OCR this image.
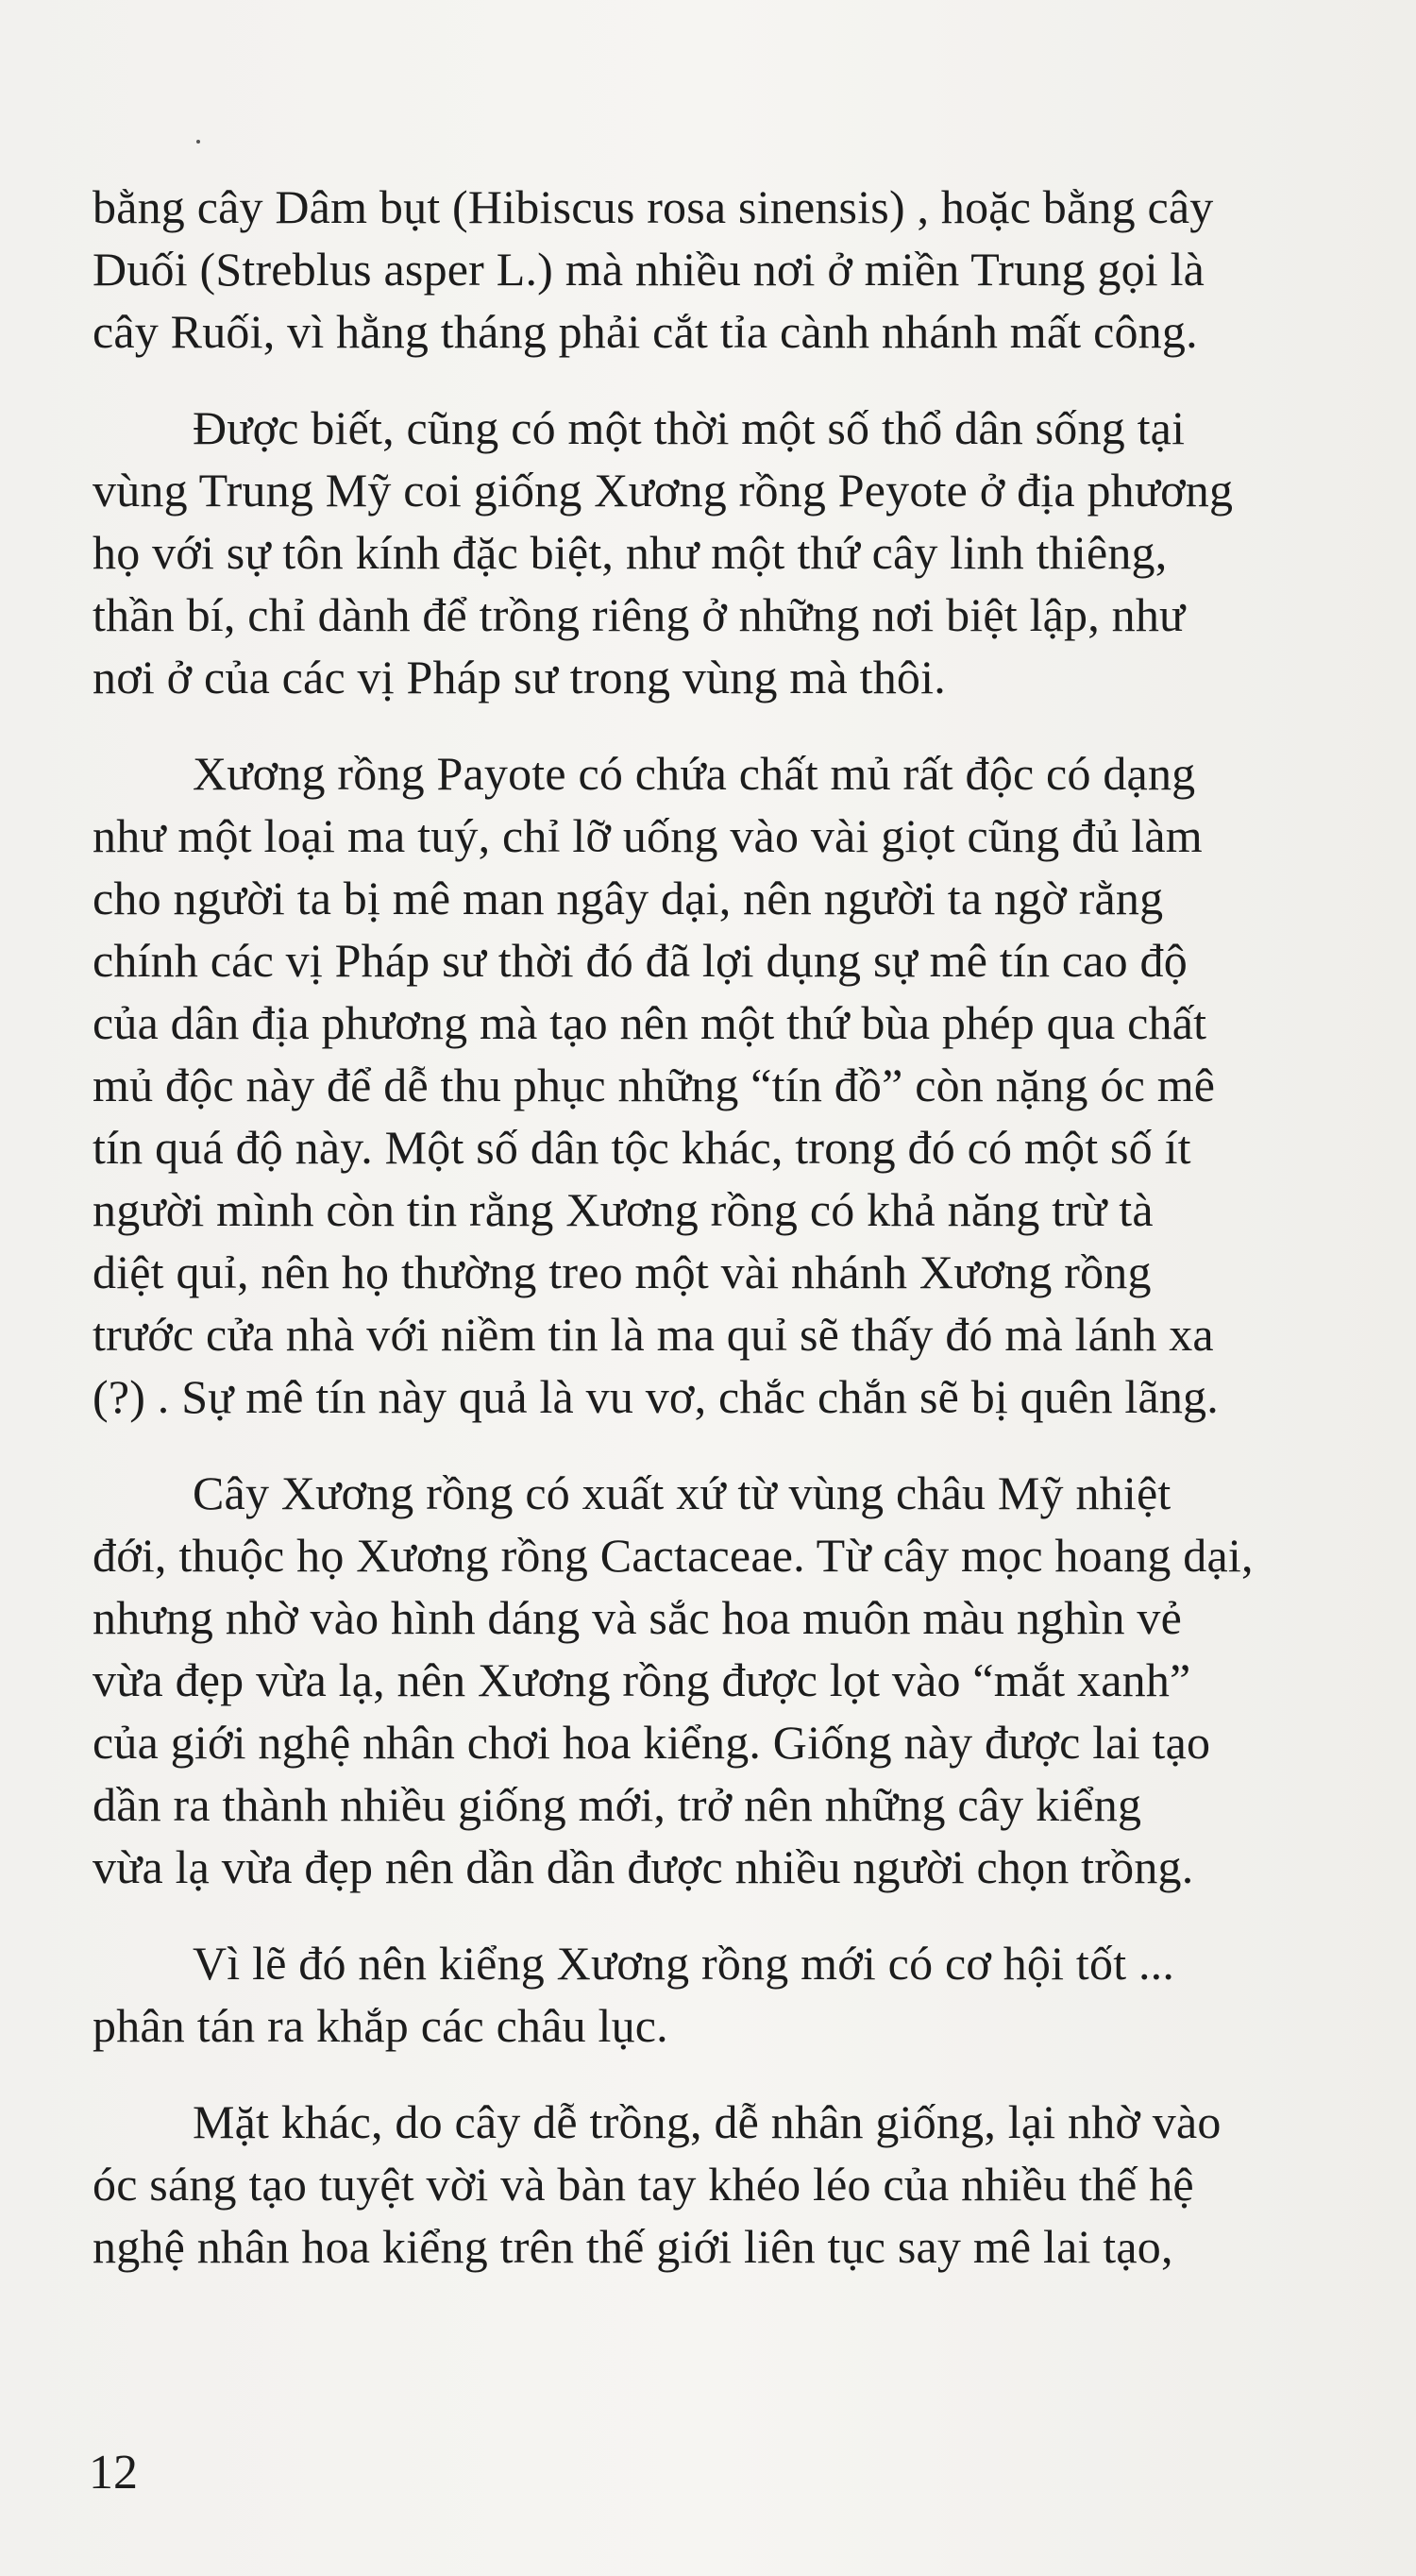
bằng cây Dâm bụt (Hibiscus rosa sinensis) , hoặc bằng cây
Duối (Streblus asper L.) mà nhiều nơi ở miền Trung gọi là
cây Ruối, vì hằng tháng phải cắt tỉa cành nhánh mất công.
Được biết, cũng có một thời một số thổ dân sống tại
vùng Trung Mỹ coi giống Xương rồng Peyote ở địa phương
họ với sự tôn kính đặc biệt, như một thứ cây linh thiêng,
thần bí, chỉ dành để trồng riêng ở những nơi biệt lập, như
nơi ở của các vị Pháp sư trong vùng mà thôi.
Xương rồng Payote có chứa chất mủ rất độc có dạng
như một loại ma tuý, chỉ lỡ uống vào vài giọt cũng đủ làm
cho người ta bị mê man ngây dại, nên người ta ngờ rằng
chính các vị Pháp sư thời đó đã lợi dụng sự mê tín cao độ
của dân địa phương mà tạo nên một thứ bùa phép qua chất
mủ độc này để dễ thu phục những “tín đồ” còn nặng óc mê
tín quá độ này. Một số dân tộc khác, trong đó có một số ít
người mình còn tin rằng Xương rồng có khả năng trừ tà
diệt quỉ, nên họ thường treo một vài nhánh Xương rồng
trước cửa nhà với niềm tin là ma quỉ sẽ thấy đó mà lánh xa
(?) . Sự mê tín này quả là vu vơ, chắc chắn sẽ bị quên lãng.
Cây Xương rồng có xuất xứ từ vùng châu Mỹ nhiệt
đới, thuộc họ Xương rồng Cactaceae. Từ cây mọc hoang dại,
nhưng nhờ vào hình dáng và sắc hoa muôn màu nghìn vẻ
vừa đẹp vừa lạ, nên Xương rồng được lọt vào “mắt xanh”
của giới nghệ nhân chơi hoa kiểng. Giống này được lai tạo
dần ra thành nhiều giống mới, trở nên những cây kiểng
vừa lạ vừa đẹp nên dần dần được nhiều người chọn trồng.
Vì lẽ đó nên kiểng Xương rồng mới có cơ hội tốt ...
phân tán ra khắp các châu lục.
Mặt khác, do cây dễ trồng, dễ nhân giống, lại nhờ vào
óc sáng tạo tuyệt vời và bàn tay khéo léo của nhiều thế hệ
nghệ nhân hoa kiểng trên thế giới liên tục say mê lai tạo,
12
